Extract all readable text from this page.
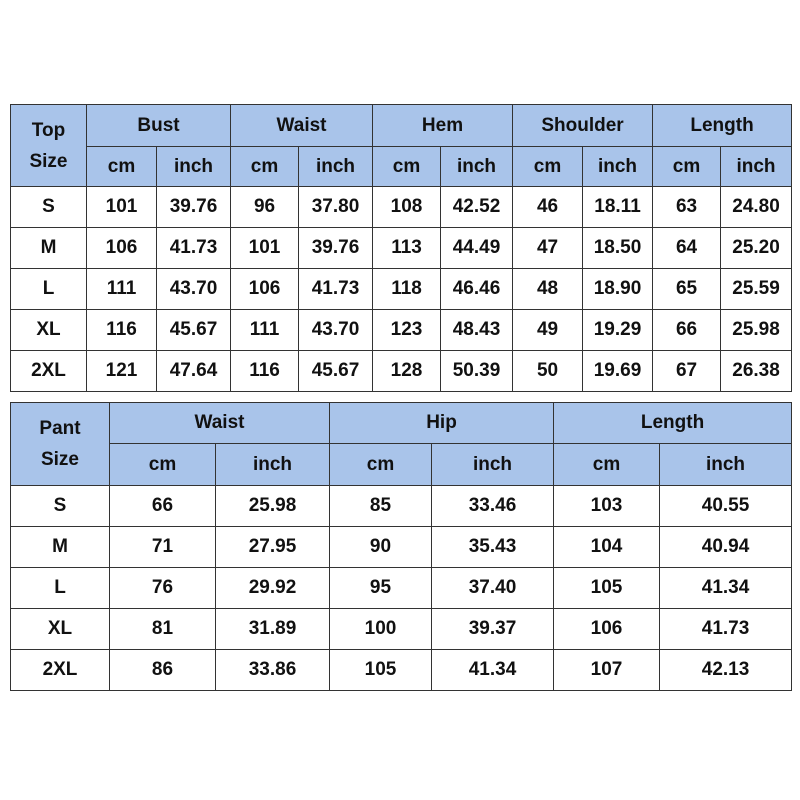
Top
Size	Bust		Waist		Hem		Shoulder		Length	
	cm	inch	cm	inch	cm	inch	cm	inch	cm	inch
S	101	39.76	96	37.80	108	42.52	46	18.11	63	24.80
M	106	41.73	101	39.76	113	44.49	47	18.50	64	25.20
L	111	43.70	106	41.73	118	46.46	48	18.90	65	25.59
XL	116	45.67	111	43.70	123	48.43	49	19.29	66	25.98
2XL	121	47.64	116	45.67	128	50.39	50	19.69	67	26.38
Pant
Size	Waist		Hip		Length	
	cm	inch	cm	inch	cm	inch
S	66	25.98	85	33.46	103	40.55
M	71	27.95	90	35.43	104	40.94
L	76	29.92	95	37.40	105	41.34
XL	81	31.89	100	39.37	106	41.73
2XL	86	33.86	105	41.34	107	42.13
